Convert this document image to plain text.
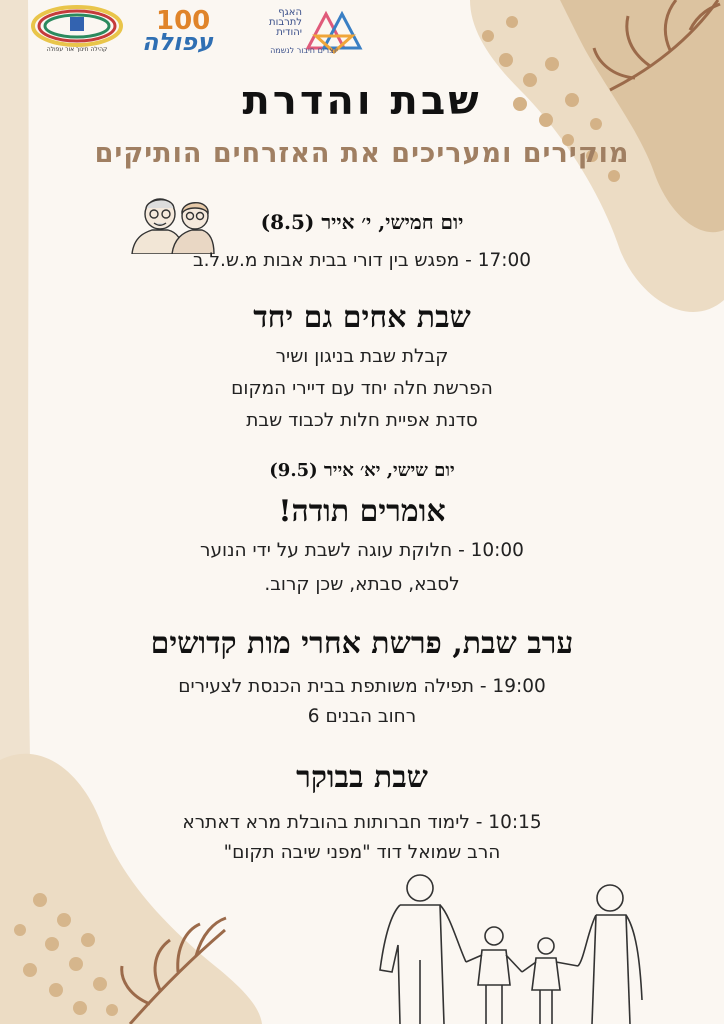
קהילה חינוך אור עפולה
100
עפולה
האגף
לתרבות
יהודית
יוצרים חיבור לנשמה
שבת והדרת
מוקירים ומעריכים את האזרחים הותיקים
יום חמישי, י׳ אייר (8.5)
17:00 - מפגש בין דורי בבית אבות מ.ש.ל.ב
שבת אחים גם יחד
קבלת שבת בניגון ושיר
הפרשת חלה יחד עם דיירי המקום
סדנת אפיית חלות לכבוד שבת
יום שישי, יא׳ אייר (9.5)
אומרים תודה!
10:00 - חלוקת עוגה לשבת על ידי הנוער
לסבא, סבתא, שכן קרוב.
ערב שבת, פרשת אחרי מות קדושים
19:00 - תפילה משותפת בבית הכנסת לצעירים
רחוב הבנים 6
שבת בבוקר
10:15 - לימוד חברותות בהובלת מרא דאתרא
הרב שמואל דוד "מפני שיבה תקום"
